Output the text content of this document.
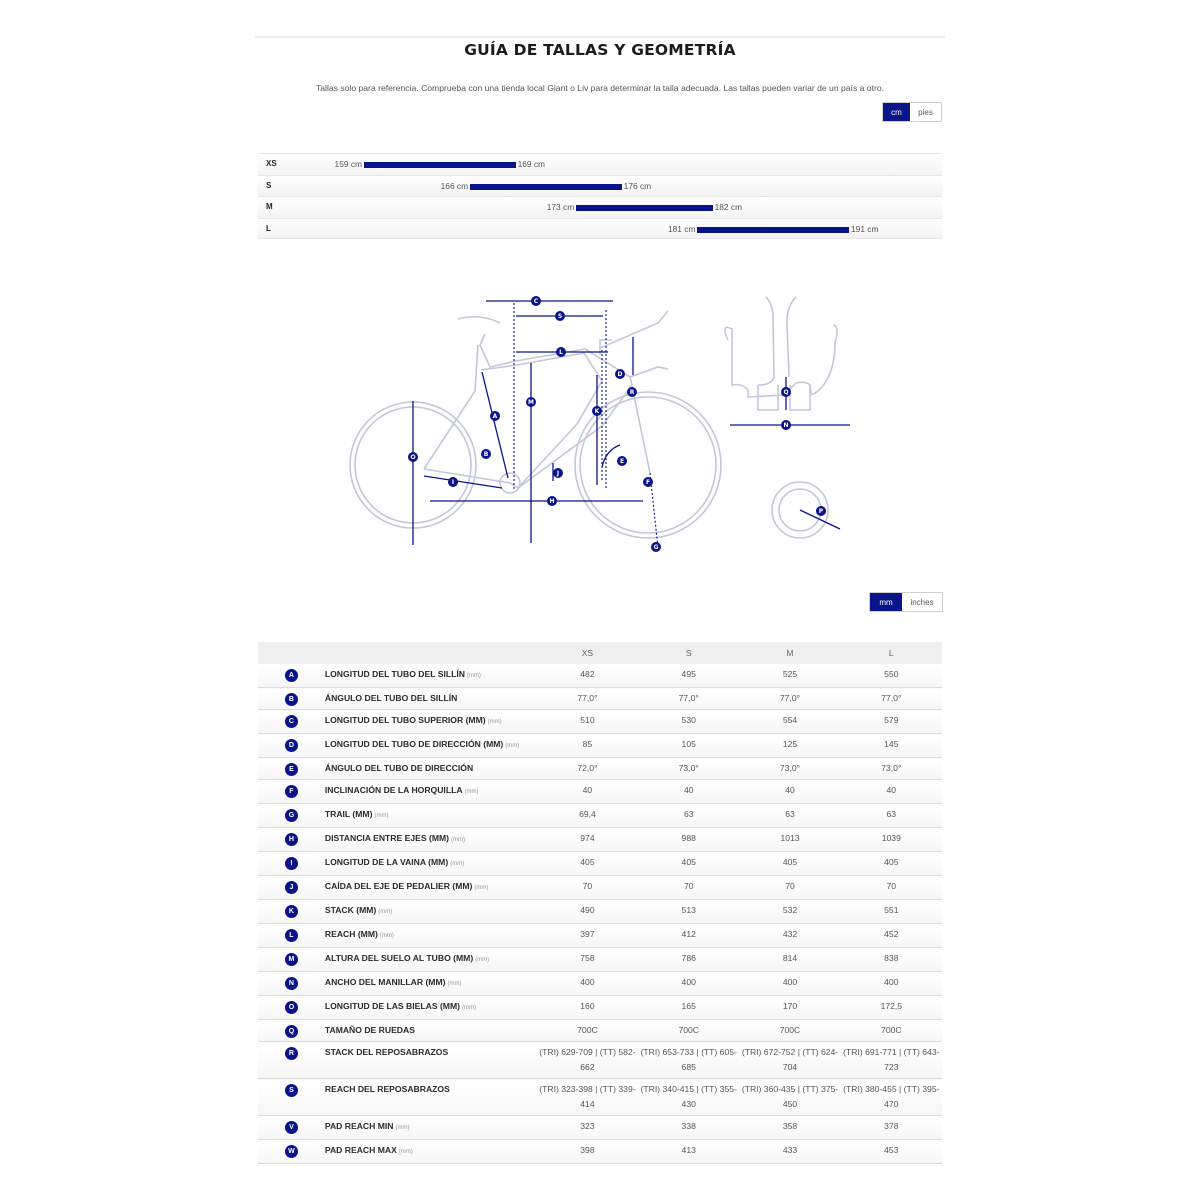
GUÍA DE TALLAS Y GEOMETRÍA

Tallas solo para referencia. Comprueba con una tienda local Giant o Liv para determinar la talla adecuada. Las tallas pueden variar de un país a otro.

cm	pies
XS	159 cm	169 cm
S	166 cm	176 cm
M	173 cm	182 cm
L	181 cm	191 cm
A
B
C
D
E
F
G
H
I
J
K
L
M
N
O
P
Q
R
S
mm	inches
		XS	S	M	L
A	LONGITUD DEL TUBO DEL SILLÍN (mm)	482	495	525	550
B	ÁNGULO DEL TUBO DEL SILLÍN	77,0°	77,0°	77,0°	77,0°
C	LONGITUD DEL TUBO SUPERIOR (MM) (mm)	510	530	554	579
D	LONGITUD DEL TUBO DE DIRECCIÓN (MM) (mm)	85	105	125	145
E	ÁNGULO DEL TUBO DE DIRECCIÓN	72,0°	73,0°	73,0°	73,0°
F	INCLINACIÓN DE LA HORQUILLA (mm)	40	40	40	40
G	TRAIL (MM) (mm)	69,4	63	63	63
H	DISTANCIA ENTRE EJES (MM) (mm)	974	988	1013	1039
I	LONGITUD DE LA VAINA (MM) (mm)	405	405	405	405
J	CAÍDA DEL EJE DE PEDALIER (MM) (mm)	70	70	70	70
K	STACK (MM) (mm)	490	513	532	551
L	REACH (MM) (mm)	397	412	432	452
M	ALTURA DEL SUELO AL TUBO (MM) (mm)	758	786	814	838
N	ANCHO DEL MANILLAR (MM) (mm)	400	400	400	400
O	LONGITUD DE LAS BIELAS (MM) (mm)	160	165	170	172,5
Q	TAMAÑO DE RUEDAS	700C	700C	700C	700C
R	STACK DEL REPOSABRAZOS	(TRI) 629-709 | (TT) 582-662	(TRI) 653-733 | (TT) 605-685	(TRI) 672-752 | (TT) 624-704	(TRI) 691-771 | (TT) 643-723
S	REACH DEL REPOSABRAZOS	(TRI) 323-398 | (TT) 339-414	(TRI) 340-415 | (TT) 355-430	(TRI) 360-435 | (TT) 375-450	(TRI) 380-455 | (TT) 395-470
V	PAD REACH MIN (mm)	323	338	358	378
W	PAD REACH MAX (mm)	398	413	433	453
